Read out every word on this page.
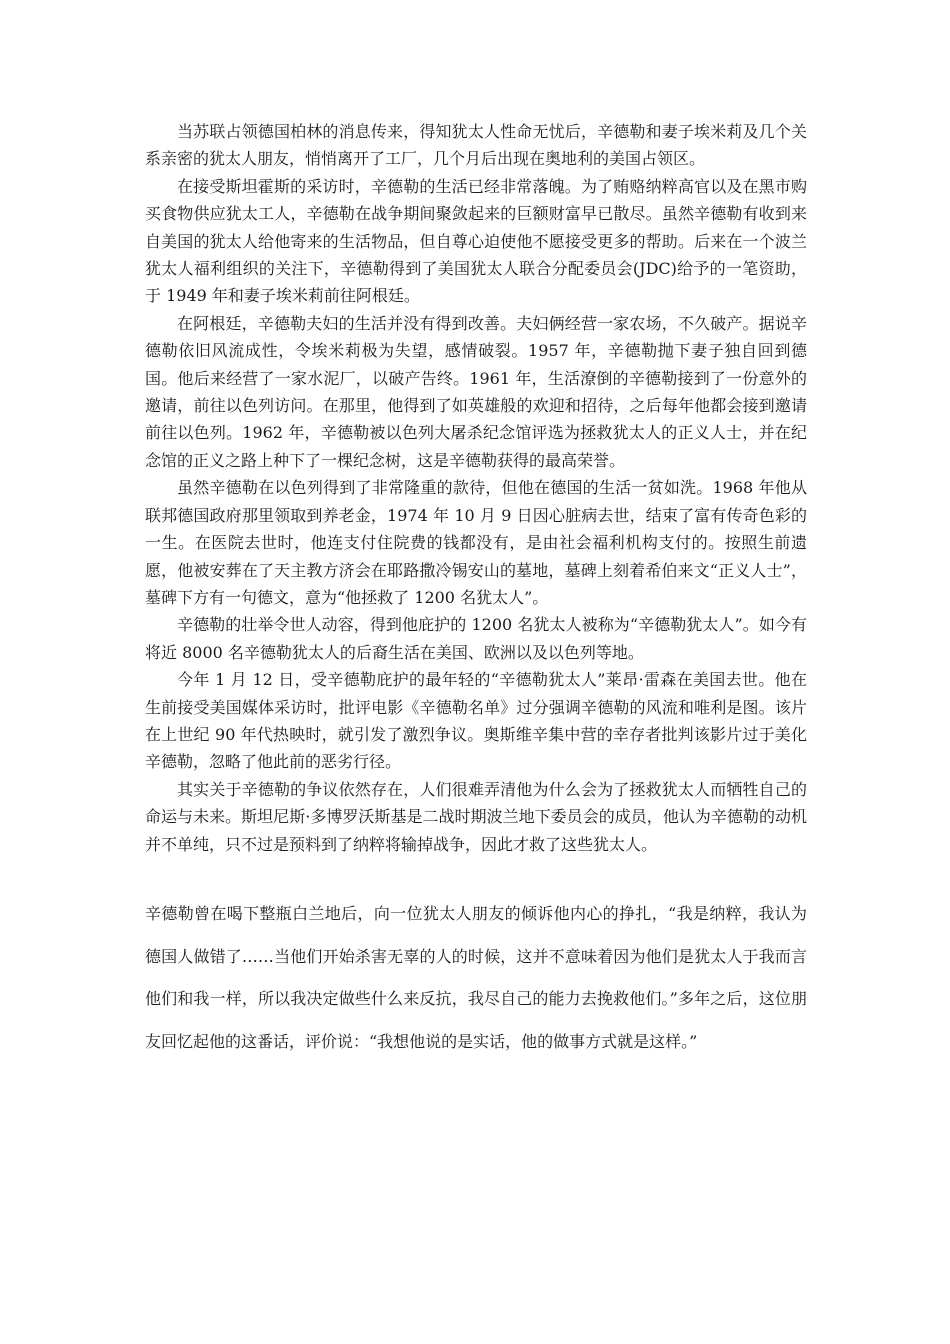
当苏联占领德国柏林的消息传来，得知犹太人性命无忧后，辛德勒和妻子埃米莉及几个关系亲密的犹太人朋友，悄悄离开了工厂，几个月后出现在奥地利的美国占领区。

在接受斯坦霍斯的采访时，辛德勒的生活已经非常落魄。为了贿赂纳粹高官以及在黑市购买食物供应犹太工人，辛德勒在战争期间聚敛起来的巨额财富早已散尽。虽然辛德勒有收到来自美国的犹太人给他寄来的生活物品，但自尊心迫使他不愿接受更多的帮助。后来在一个波兰犹太人福利组织的关注下，辛德勒得到了美国犹太人联合分配委员会(JDC)给予的一笔资助，于 1949 年和妻子埃米莉前往阿根廷。

在阿根廷，辛德勒夫妇的生活并没有得到改善。夫妇俩经营一家农场，不久破产。据说辛德勒依旧风流成性，令埃米莉极为失望，感情破裂。1957 年，辛德勒抛下妻子独自回到德国。他后来经营了一家水泥厂，以破产告终。1961 年，生活潦倒的辛德勒接到了一份意外的邀请，前往以色列访问。在那里，他得到了如英雄般的欢迎和招待，之后每年他都会接到邀请前往以色列。1962 年，辛德勒被以色列大屠杀纪念馆评选为拯救犹太人的正义人士，并在纪念馆的正义之路上种下了一棵纪念树，这是辛德勒获得的最高荣誉。

虽然辛德勒在以色列得到了非常隆重的款待，但他在德国的生活一贫如洗。1968 年他从联邦德国政府那里领取到养老金，1974 年 10 月 9 日因心脏病去世，结束了富有传奇色彩的一生。在医院去世时，他连支付住院费的钱都没有，是由社会福利机构支付的。按照生前遗愿，他被安葬在了天主教方济会在耶路撒冷锡安山的墓地，墓碑上刻着希伯来文“正义人士”，墓碑下方有一句德文，意为“他拯救了 1200 名犹太人”。

辛德勒的壮举令世人动容，得到他庇护的 1200 名犹太人被称为“辛德勒犹太人”。如今有将近 8000 名辛德勒犹太人的后裔生活在美国、欧洲以及以色列等地。

今年 1 月 12 日，受辛德勒庇护的最年轻的“辛德勒犹太人”莱昂·雷森在美国去世。他在生前接受美国媒体采访时，批评电影《辛德勒名单》过分强调辛德勒的风流和唯利是图。该片在上世纪 90 年代热映时，就引发了激烈争议。奥斯维辛集中营的幸存者批判该影片过于美化辛德勒，忽略了他此前的恶劣行径。

其实关于辛德勒的争议依然存在，人们很难弄清他为什么会为了拯救犹太人而牺牲自己的命运与未来。斯坦尼斯·多博罗沃斯基是二战时期波兰地下委员会的成员，他认为辛德勒的动机并不单纯，只不过是预料到了纳粹将输掉战争，因此才救了这些犹太人。

辛德勒曾在喝下整瓶白兰地后，向一位犹太人朋友的倾诉他内心的挣扎，“我是纳粹，我认为德国人做错了……当他们开始杀害无辜的人的时候，这并不意味着因为他们是犹太人于我而言他们和我一样，所以我决定做些什么来反抗，我尽自己的能力去挽救他们。”多年之后，这位朋友回忆起他的这番话，评价说：“我想他说的是实话，他的做事方式就是这样。”
